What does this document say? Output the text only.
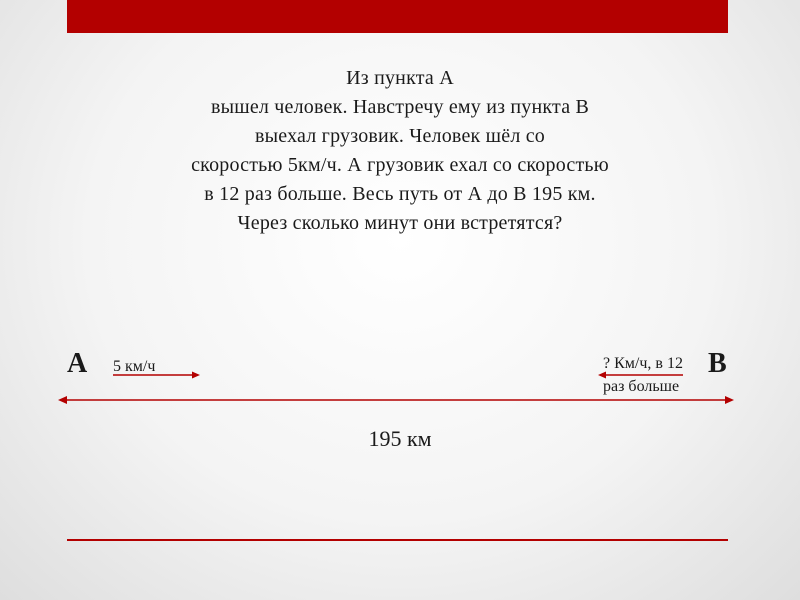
Из пункта А
вышел человек. Навстречу ему из пункта В
выехал грузовик. Человек шёл со
скоростью 5км/ч. А грузовик ехал со скоростью
в 12 раз больше. Весь путь от А до В 195 км.
Через сколько минут они встретятся?
А	В
5 км/ч	? Км/ч, в 12
раз больше
195 км
